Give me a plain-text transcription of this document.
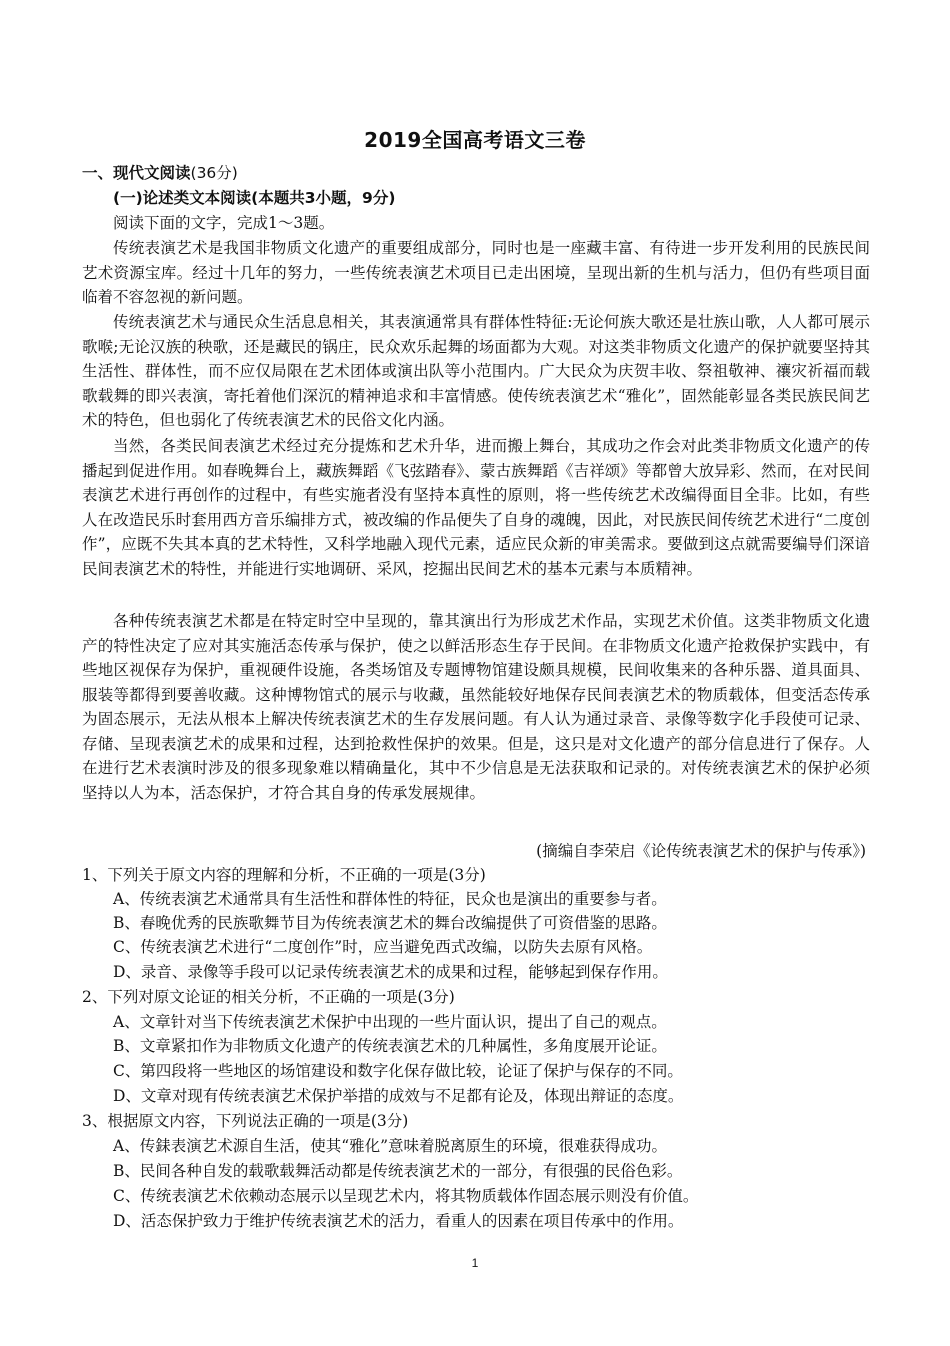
2019全国高考语文三卷
一、现代文阅读(36分)
(一)论述类文本阅读(本题共3小题，9分)
阅读下面的文字，完成1～3题。
传统表演艺术是我国非物质文化遗产的重要组成部分，同时也是一座藏丰富、有待进一步开发利用的民族民间艺术资源宝库。经过十几年的努力，一些传统表演艺术项目已走出困境，呈现出新的生机与活力，但仍有些项目面临着不容忽视的新问题。
传统表演艺术与通民众生活息息相关，其表演通常具有群体性特征:无论何族大歌还是壮族山歌，人人都可展示歌喉;无论汉族的秧歌，还是藏民的锅庄，民众欢乐起舞的场面都为大观。对这类非物质文化遗产的保护就要坚持其生活性、群体性，而不应仅局限在艺术团体或演出队等小范围内。广大民众为庆贺丰收、祭祖敬神、禳灾祈福而载歌载舞的即兴表演，寄托着他们深沉的精神追求和丰富情感。使传统表演艺术“雅化”，固然能彰显各类民族民间艺术的特色，但也弱化了传统表演艺术的民俗文化内涵。
当然，各类民间表演艺术经过充分提炼和艺术升华，进而搬上舞台，其成功之作会对此类非物质文化遗产的传播起到促进作用。如春晚舞台上，藏族舞蹈《飞弦踏春》、蒙古族舞蹈《吉祥颂》等都曾大放异彩、然而，在对民间表演艺术进行再创作的过程中，有些实施者没有坚持本真性的原则，将一些传统艺术改编得面目全非。比如，有些人在改造民乐时套用西方音乐编排方式，被改编的作品便失了自身的魂魄，因此，对民族民间传统艺术进行“二度创作”，应既不失其本真的艺术特性，又科学地融入现代元素，适应民众新的审美需求。要做到这点就需要编导们深谙民间表演艺术的特性，并能进行实地调研、采风，挖掘出民间艺术的基本元素与本质精神。
各种传统表演艺术都是在特定时空中呈现的，靠其演出行为形成艺术作品，实现艺术价值。这类非物质文化遗产的特性决定了应对其实施活态传承与保护，使之以鲜活形态生存于民间。在非物质文化遗产抢救保护实践中，有些地区视保存为保护，重视硬件设施，各类场馆及专题博物馆建设颇具规模，民间收集来的各种乐器、道具面具、服装等都得到要善收藏。这种博物馆式的展示与收藏，虽然能较好地保存民间表演艺术的物质载体，但变活态传承为固态展示，无法从根本上解决传统表演艺术的生存发展问题。有人认为通过录音、录像等数字化手段使可记录、存储、呈现表演艺术的成果和过程，达到抢救性保护的效果。但是，这只是对文化遗产的部分信息进行了保存。人在进行艺术表演时涉及的很多现象难以精确量化，其中不少信息是无法获取和记录的。对传统表演艺术的保护必须坚持以人为本，活态保护，才符合其自身的传承发展规律。
(摘编自李荣启《论传统表演艺术的保护与传承》)
1、下列关于原文内容的理解和分析，不正确的一项是(3分)
A、传统表演艺术通常具有生活性和群体性的特征，民众也是演出的重要参与者。
B、春晚优秀的民族歌舞节目为传统表演艺术的舞台改编提供了可资借鉴的思路。
C、传统表演艺术进行“二度创作”时，应当避免西式改编，以防失去原有风格。
D、录音、录像等手段可以记录传统表演艺术的成果和过程，能够起到保存作用。
2、下列对原文论证的相关分析，不正确的一项是(3分)
A、文章针对当下传统表演艺术保护中出现的一些片面认识，提出了自己的观点。
B、文章紧扣作为非物质文化遗产的传统表演艺术的几种属性，多角度展开论证。
C、第四段将一些地区的场馆建设和数字化保存做比较，论证了保护与保存的不同。
D、文章对现有传统表演艺术保护举措的成效与不足都有论及，体现出辩证的态度。
3、根据原文内容，下列说法正确的一项是(3分)
A、传銇表演艺术源自生活，使其“雅化”意味着脱离原生的环境，很难获得成功。
B、民间各种自发的载歌载舞活动都是传统表演艺术的一部分，有很强的民俗色彩。
C、传统表演艺术依赖动态展示以呈现艺术内，将其物质载体作固态展示则没有价值。
D、活态保护致力于维护传统表演艺术的活力，看重人的因素在项目传承中的作用。
1
